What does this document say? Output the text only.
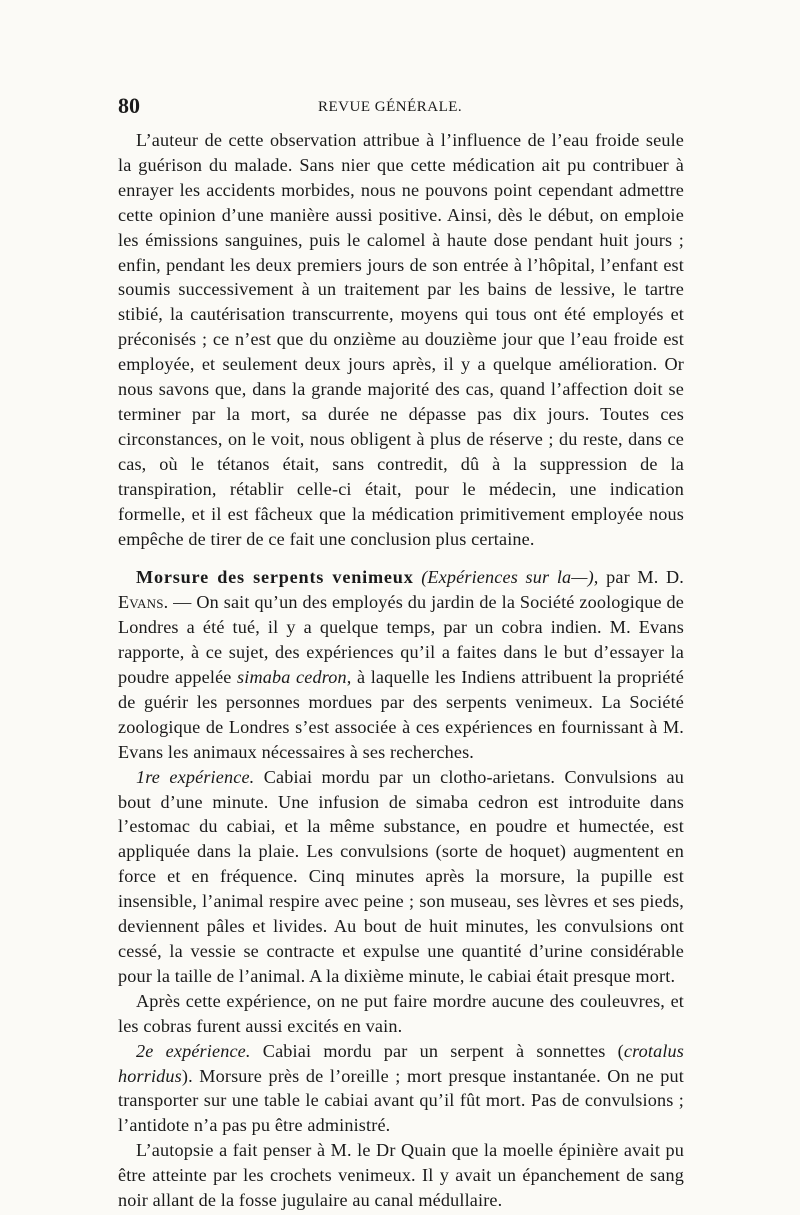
80	REVUE GÉNÉRALE.

L’auteur de cette observation attribue à l’influence de l’eau froide seule la guérison du malade. Sans nier que cette médication ait pu contribuer à enrayer les accidents morbides, nous ne pouvons point cependant admettre cette opinion d’une manière aussi positive. Ainsi, dès le début, on emploie les émissions sanguines, puis le calomel à haute dose pendant huit jours ; enfin, pendant les deux premiers jours de son entrée à l’hôpital, l’enfant est soumis successivement à un traitement par les bains de lessive, le tartre stibié, la cautérisation transcurrente, moyens qui tous ont été employés et préconisés ; ce n’est que du onzième au douzième jour que l’eau froide est employée, et seulement deux jours après, il y a quelque amélioration. Or nous savons que, dans la grande majorité des cas, quand l’affection doit se terminer par la mort, sa durée ne dépasse pas dix jours. Toutes ces circonstances, on le voit, nous obligent à plus de réserve ; du reste, dans ce cas, où le tétanos était, sans contredit, dû à la suppression de la transpiration, rétablir celle-ci était, pour le médecin, une indication formelle, et il est fâcheux que la médication primitivement employée nous empêche de tirer de ce fait une conclusion plus certaine.

Morsure des serpents venimeux (Expériences sur la—), par M. D. Evans. — On sait qu’un des employés du jardin de la Société zoologique de Londres a été tué, il y a quelque temps, par un cobra indien. M. Evans rapporte, à ce sujet, des expériences qu’il a faites dans le but d’essayer la poudre appelée simaba cedron, à laquelle les Indiens attribuent la propriété de guérir les personnes mordues par des serpents venimeux. La Société zoologique de Londres s’est associée à ces expériences en fournissant à M. Evans les animaux nécessaires à ses recherches.

1re expérience. Cabiai mordu par un clotho-arietans. Convulsions au bout d’une minute. Une infusion de simaba cedron est introduite dans l’estomac du cabiai, et la même substance, en poudre et humectée, est appliquée dans la plaie. Les convulsions (sorte de hoquet) augmentent en force et en fréquence. Cinq minutes après la morsure, la pupille est insensible, l’animal respire avec peine ; son museau, ses lèvres et ses pieds, deviennent pâles et livides. Au bout de huit minutes, les convulsions ont cessé, la vessie se contracte et expulse une quantité d’urine considérable pour la taille de l’animal. A la dixième minute, le cabiai était presque mort.

Après cette expérience, on ne put faire mordre aucune des couleuvres, et les cobras furent aussi excités en vain.

2e expérience. Cabiai mordu par un serpent à sonnettes (crotalus horridus). Morsure près de l’oreille ; mort presque instantanée. On ne put transporter sur une table le cabiai avant qu’il fût mort. Pas de convulsions ; l’antidote n’a pas pu être administré.

L’autopsie a fait penser à M. le Dr Quain que la moelle épinière avait pu être atteinte par les crochets venimeux. Il y avait un épanchement de sang noir allant de la fosse jugulaire au canal médullaire.
